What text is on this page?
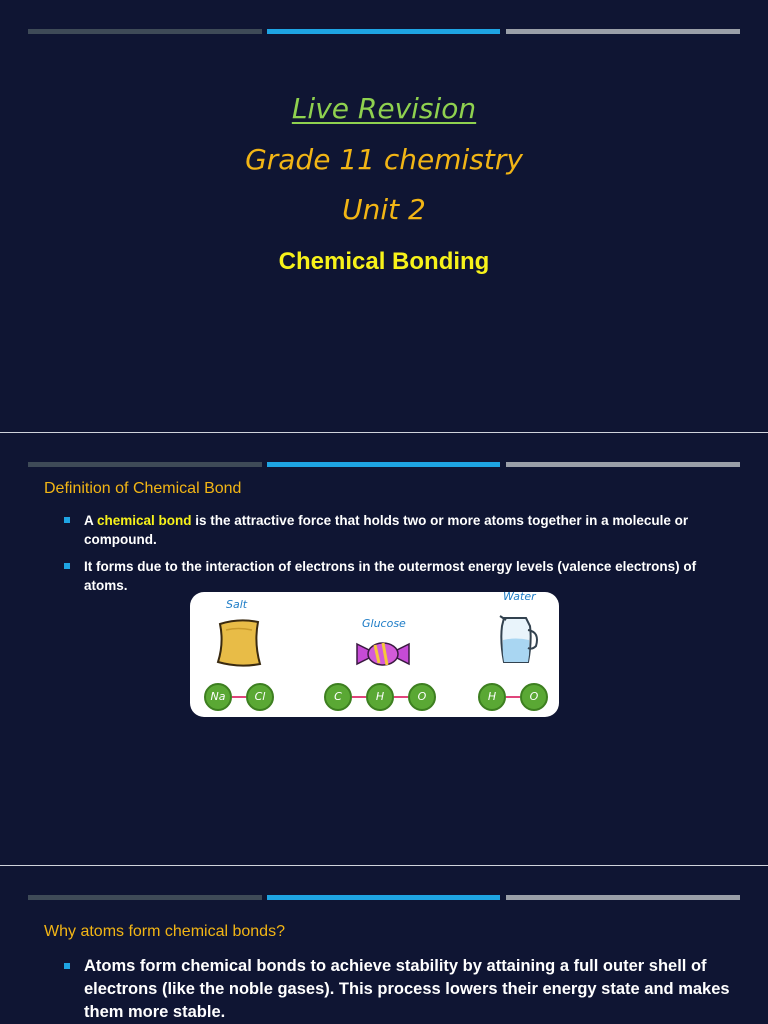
Live Revision
Grade 11 chemistry
Unit 2
Chemical Bonding
Definition of Chemical Bond
A chemical bond is the attractive force that holds two or more atoms together in a molecule or compound.
It forms due to the interaction of electrons in the outermost energy levels (valence electrons) of atoms.
Salt
Glucose
Water
Na	Cl	C	H	O	H	O
Why atoms form chemical bonds?
Atoms form chemical bonds to achieve stability by attaining a full outer shell of electrons (like the noble gases). This process lowers their energy state and makes them more stable.
